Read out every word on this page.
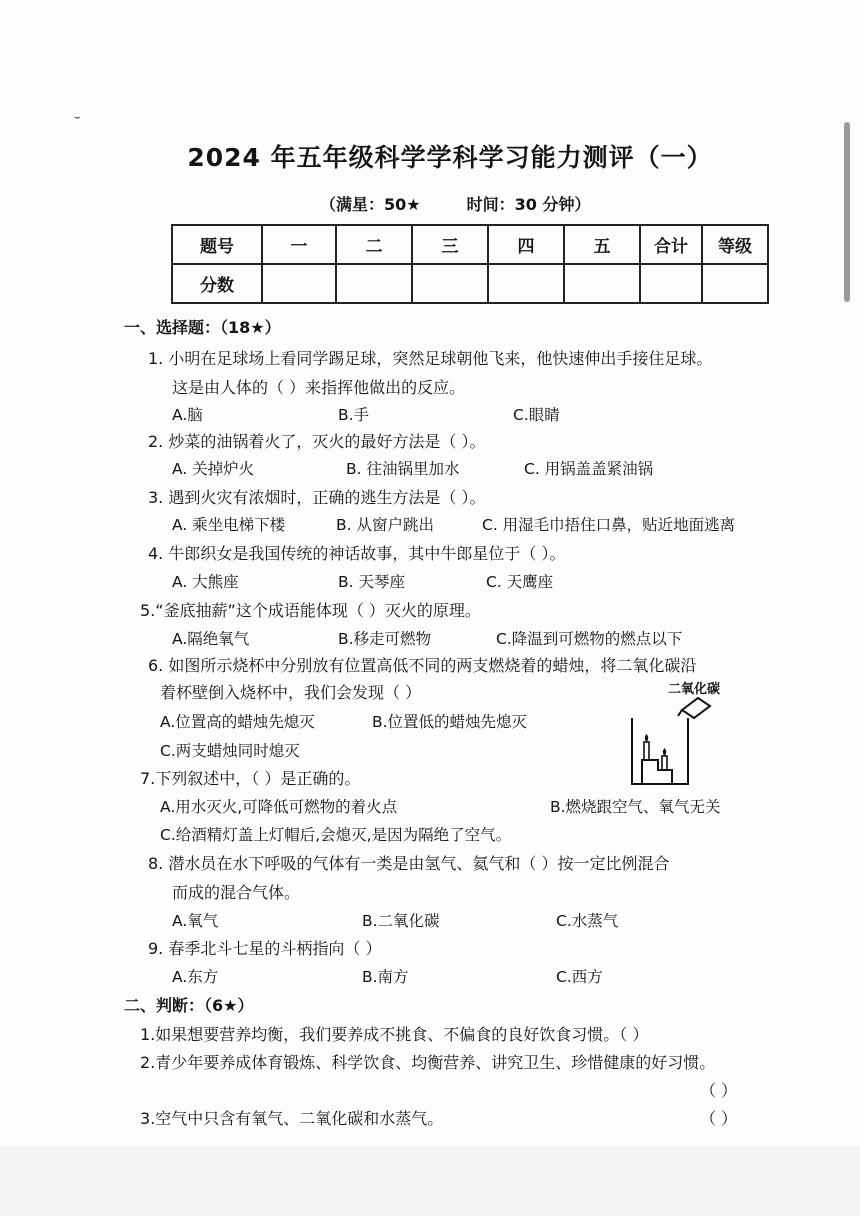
⌣
2024 年五年级科学学科学习能力测评（一）
（满星：50★	时间：30 分钟）
题号	一	二	三	四	五	合计	等级
分数							
一、选择题：（18★）
1. 小明在足球场上看同学踢足球，突然足球朝他飞来，他快速伸出手接住足球。
这是由人体的（ ）来指挥他做出的反应。
A.脑	B.手	C.眼睛
2. 炒菜的油锅着火了，灭火的最好方法是（ ）。
A. 关掉炉火	B. 往油锅里加水	C. 用锅盖盖紧油锅
3. 遇到火灾有浓烟时，正确的逃生方法是（ ）。
A. 乘坐电梯下楼	B. 从窗户跳出	C. 用湿毛巾捂住口鼻，贴近地面逃离
4. 牛郎织女是我国传统的神话故事，其中牛郎星位于（ ）。
A. 大熊座	B. 天琴座	C. 天鹰座
5.“釜底抽薪”这个成语能体现（ ）灭火的原理。
A.隔绝氧气	B.移走可燃物	C.降温到可燃物的燃点以下
6. 如图所示烧杯中分别放有位置高低不同的两支燃烧着的蜡烛，将二氧化碳沿
着杯壁倒入烧杯中，我们会发现（ ）	二氧化碳
A.位置高的蜡烛先熄灭	B.位置低的蜡烛先熄灭
C.两支蜡烛同时熄灭
7.下列叙述中，（ ）是正确的。
A.用水灭火,可降低可燃物的着火点	B.燃烧跟空气、氧气无关
C.给酒精灯盖上灯帽后,会熄灭,是因为隔绝了空气。
8. 潜水员在水下呼吸的气体有一类是由氢气、氦气和（ ）按一定比例混合
而成的混合气体。
A.氧气	B.二氧化碳	C.水蒸气
9. 春季北斗七星的斗柄指向（ ）
A.东方	B.南方	C.西方
二、判断：（6★）
1.如果想要营养均衡，我们要养成不挑食、不偏食的良好饮食习惯。（ ）
2.青少年要养成体育锻炼、科学饮食、均衡营养、讲究卫生、珍惜健康的好习惯。
（ ）
3.空气中只含有氧气、二氧化碳和水蒸气。	（ ）
